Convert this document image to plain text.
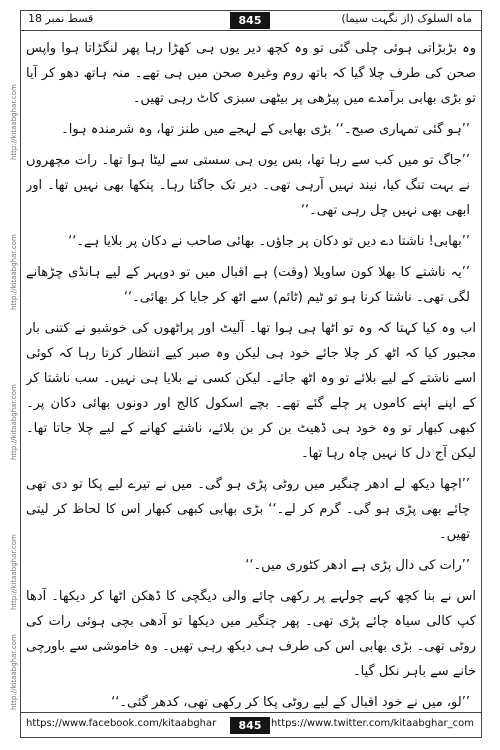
ماہ السلوک (از نگہت سیما)
845
قسط نمبر 18
http://kitaabghar.com
http://kitaabghar.com
http://kitaabghar.com
http://kitaabghar.com
http://kitaabghar.com

وہ بڑبڑاتی ہوئی چلی گئی تو وہ کچھ دیر یوں ہی کھڑا رہا پھر لنگڑاتا ہوا واپس صحن کی طرف چلا گیا کہ باتھ روم وغیرہ صحن میں ہی تھے۔ منہ ہاتھ دھو کر آیا تو بڑی بھابی برآمدے میں پیڑھی پر بیٹھی سبزی کاٹ رہی تھیں۔

’’ہو گئی تمہاری صبح۔‘‘ بڑی بھابی کے لہجے میں طنز تھا، وہ شرمندہ ہوا۔

’’جاگ تو میں کب سے رہا تھا، بس یوں ہی سستی سے لیٹا ہوا تھا۔ رات مچھروں نے بہت تنگ کیا، نیند نہیں آرہی تھی۔ دیر تک جاگتا رہا۔ پنکھا بھی نہیں تھا۔ اور ابھی بھی نہیں چل رہی تھی۔‘‘

’’بھابی! ناشتا دے دیں تو دکان پر جاؤں۔ بھائی صاحب نے دکان پر بلایا ہے۔‘‘

’’یہ ناشتے کا بھلا کون ساویلا (وقت) ہے اقبال میں تو دوپہر کے لیے ہانڈی چڑھانے لگی تھی۔ ناشتا کرنا ہو تو ٹیم (ٹائم) سے اٹھ کر جایا کر بھائی۔‘‘

اب وہ کیا کہتا کہ وہ تو اٹھا ہی ہوا تھا۔ آلیٹ اور پراٹھوں کی خوشبو نے کتنی بار مجبور کیا کہ اٹھ کر چلا جائے خود ہی لیکن وہ صبر کیے انتظار کرتا رہا کہ کوئی اسے ناشتے کے لیے بلائے تو وہ اٹھ جائے۔ لیکن کسی نے بلایا ہی نہیں۔ سب ناشتا کر کے اپنے اپنے کاموں پر چلے گئے تھے۔ بچے اسکول کالج اور دونوں بھائی دکان پر۔ کبھی کبھار تو وہ خود ہی ڈھیٹ بن کر بن بلائے، ناشتے کھانے کے لیے چلا جاتا تھا۔ لیکن آج دل کا نہیں چاہ رہا تھا۔

’’اچھا دیکھ لے ادھر چنگیر میں روٹی پڑی ہو گی۔ میں نے تیرے لیے پکا تو دی تھی چائے بھی پڑی ہو گی۔ گرم کر لے۔‘‘ بڑی بھابی کبھی کبھار اس کا لحاظ کر لیتی تھیں۔

’’رات کی دال پڑی ہے ادھر کٹوری میں۔‘‘

اس نے بنا کچھ کہے چولہے پر رکھی چائے والی دیگچی کا ڈھکن اٹھا کر دیکھا۔ آدھا کپ کالی سیاہ چائے پڑی تھی۔ پھر چنگیر میں دیکھا تو آدھی بچی ہوئی رات کی روٹی تھی۔ بڑی بھابی اس کی طرف ہی دیکھ رہی تھیں۔ وہ خاموشی سے باورچی خانے سے باہر نکل گیا۔

’’لو، میں نے خود اقبال کے لیے روٹی پکا کر رکھی تھی، کدھر گئی۔‘‘

https://www.facebook.com/kitaabghar	845 https://www.twitter.com/kitaabghar_com
